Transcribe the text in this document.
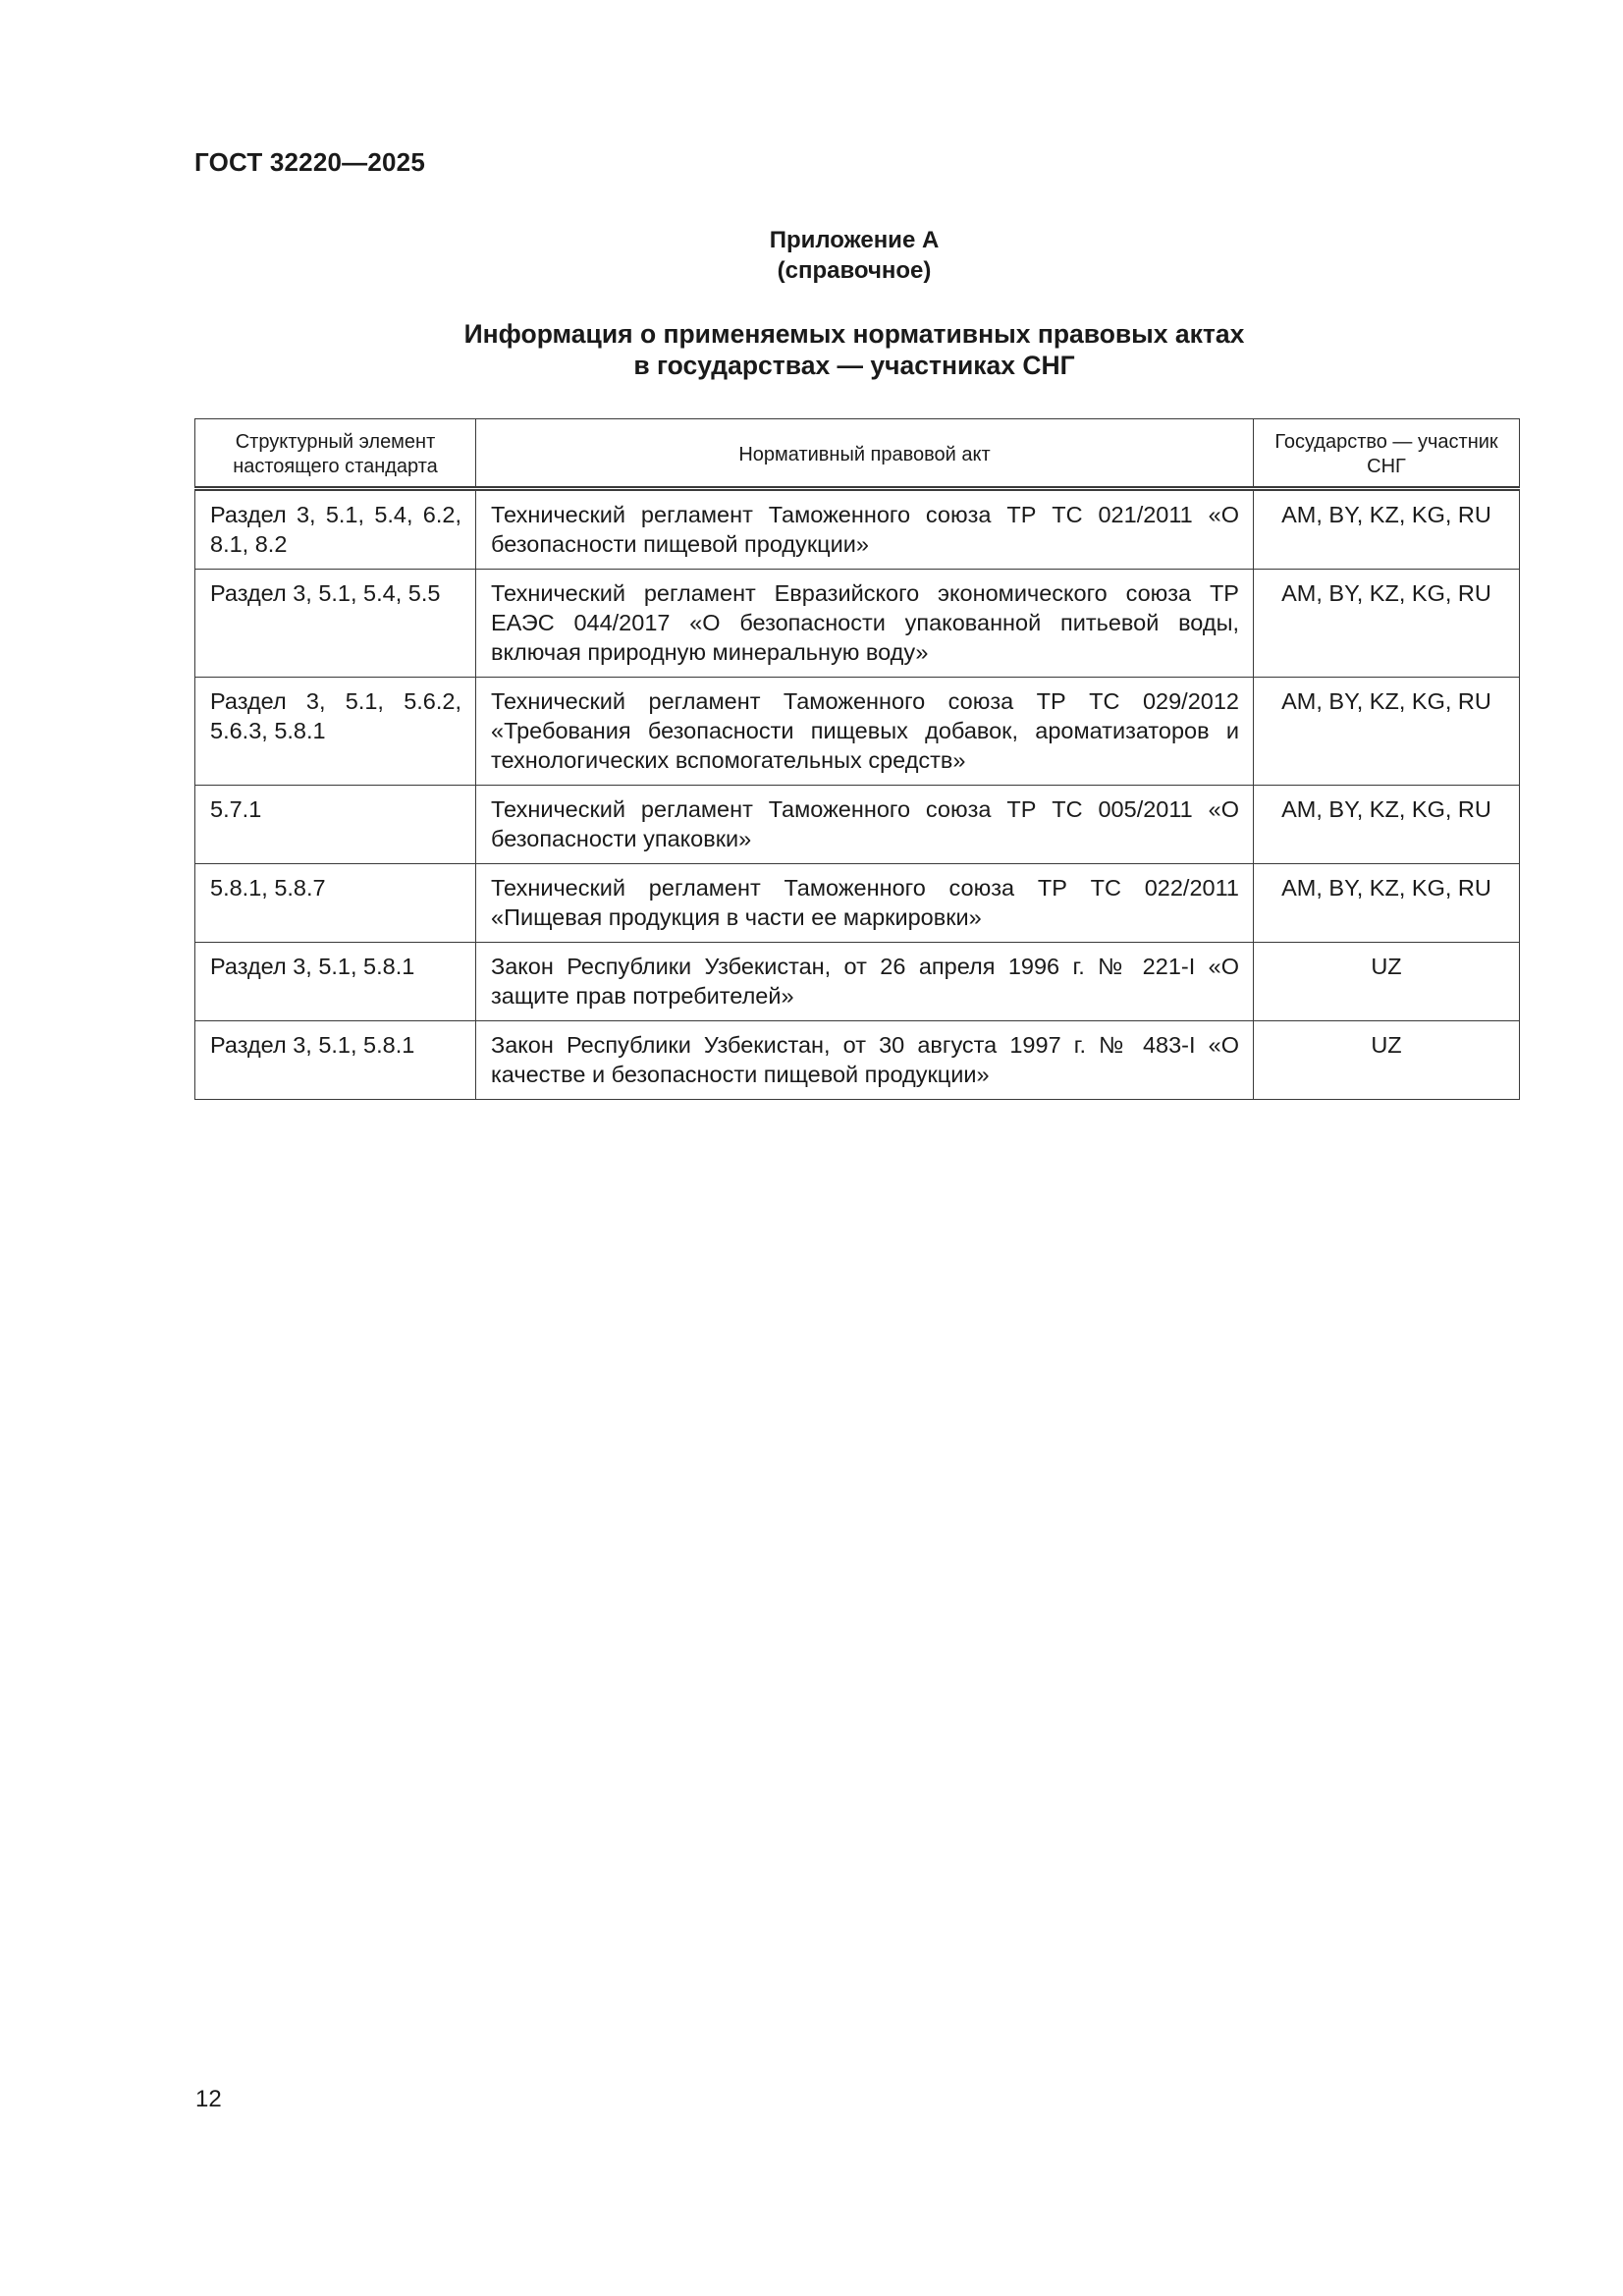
ГОСТ 32220—2025
Приложение А
(справочное)
Информация о применяемых нормативных правовых актах
в государствах — участниках СНГ
Структурный элемент настоящего стандарта	Нормативный правовой акт	Государство — участник СНГ
Раздел 3, 5.1, 5.4, 6.2, 8.1, 8.2	Технический регламент Таможенного союза ТР ТС 021/2011 «О безопасности пищевой продукции»	AM, BY, KZ, KG, RU
Раздел 3, 5.1, 5.4, 5.5	Технический регламент Евразийского экономического союза ТР ЕАЭС 044/2017 «О безопасности упакованной питьевой воды, включая природную минеральную воду»	AM, BY, KZ, KG, RU
Раздел 3, 5.1, 5.6.2, 5.6.3, 5.8.1	Технический регламент Таможенного союза ТР ТС 029/2012 «Требования безопасности пищевых добавок, ароматизаторов и технологических вспомогательных средств»	AM, BY, KZ, KG, RU
5.7.1	Технический регламент Таможенного союза ТР ТС 005/2011 «О безопасности упаковки»	AM, BY, KZ, KG, RU
5.8.1, 5.8.7	Технический регламент Таможенного союза ТР ТС 022/2011 «Пищевая продукция в части ее маркировки»	AM, BY, KZ, KG, RU
Раздел 3, 5.1, 5.8.1	Закон Республики Узбекистан, от 26 апреля 1996 г. № 221-I «О защите прав потребителей»	UZ
Раздел 3, 5.1, 5.8.1	Закон Республики Узбекистан, от 30 августа 1997 г. № 483-I «О качестве и безопасности пищевой продукции»	UZ
12
